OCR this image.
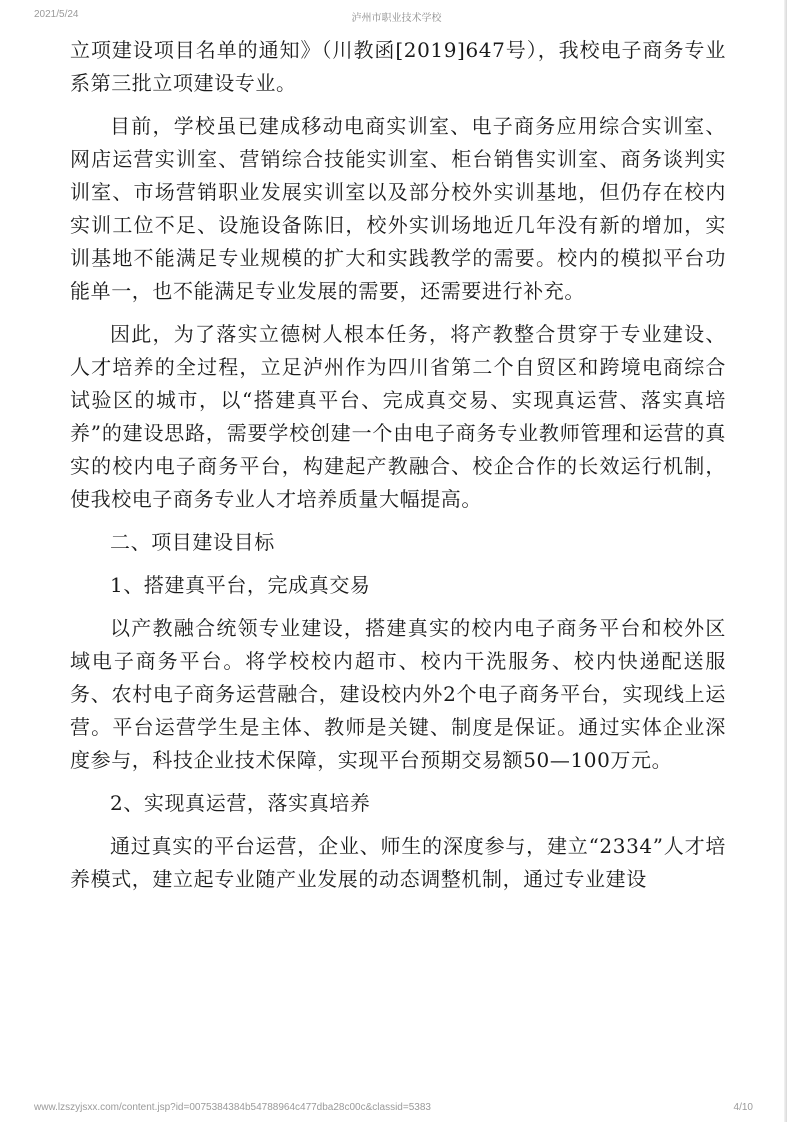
2021/5/24	泸州市职业技术学校

立项建设项目名单的通知》（川教函[2019]647号），我校电子商务专业系第三批立项建设专业。

目前，学校虽已建成移动电商实训室、电子商务应用综合实训室、网店运营实训室、营销综合技能实训室、柜台销售实训室、商务谈判实训室、市场营销职业发展实训室以及部分校外实训基地，但仍存在校内实训工位不足、设施设备陈旧，校外实训场地近几年没有新的增加，实训基地不能满足专业规模的扩大和实践教学的需要。校内的模拟平台功能单一，也不能满足专业发展的需要，还需要进行补充。

因此，为了落实立德树人根本任务，将产教整合贯穿于专业建设、人才培养的全过程，立足泸州作为四川省第二个自贸区和跨境电商综合试验区的城市，以“搭建真平台、完成真交易、实现真运营、落实真培养”的建设思路，需要学校创建一个由电子商务专业教师管理和运营的真实的校内电子商务平台，构建起产教融合、校企合作的长效运行机制，使我校电子商务专业人才培养质量大幅提高。

二、项目建设目标

1、搭建真平台，完成真交易

以产教融合统领专业建设，搭建真实的校内电子商务平台和校外区域电子商务平台。将学校校内超市、校内干洗服务、校内快递配送服务、农村电子商务运营融合，建设校内外2个电子商务平台，实现线上运营。平台运营学生是主体、教师是关键、制度是保证。通过实体企业深度参与，科技企业技术保障，实现平台预期交易额50—100万元。

2、实现真运营，落实真培养

通过真实的平台运营，企业、师生的深度参与，建立“2334”人才培养模式，建立起专业随产业发展的动态调整机制，通过专业建设

www.lzszyjsxx.com/content.jsp?id=0075384384b54788964c477dba28c00c&classid=5383	4/10
